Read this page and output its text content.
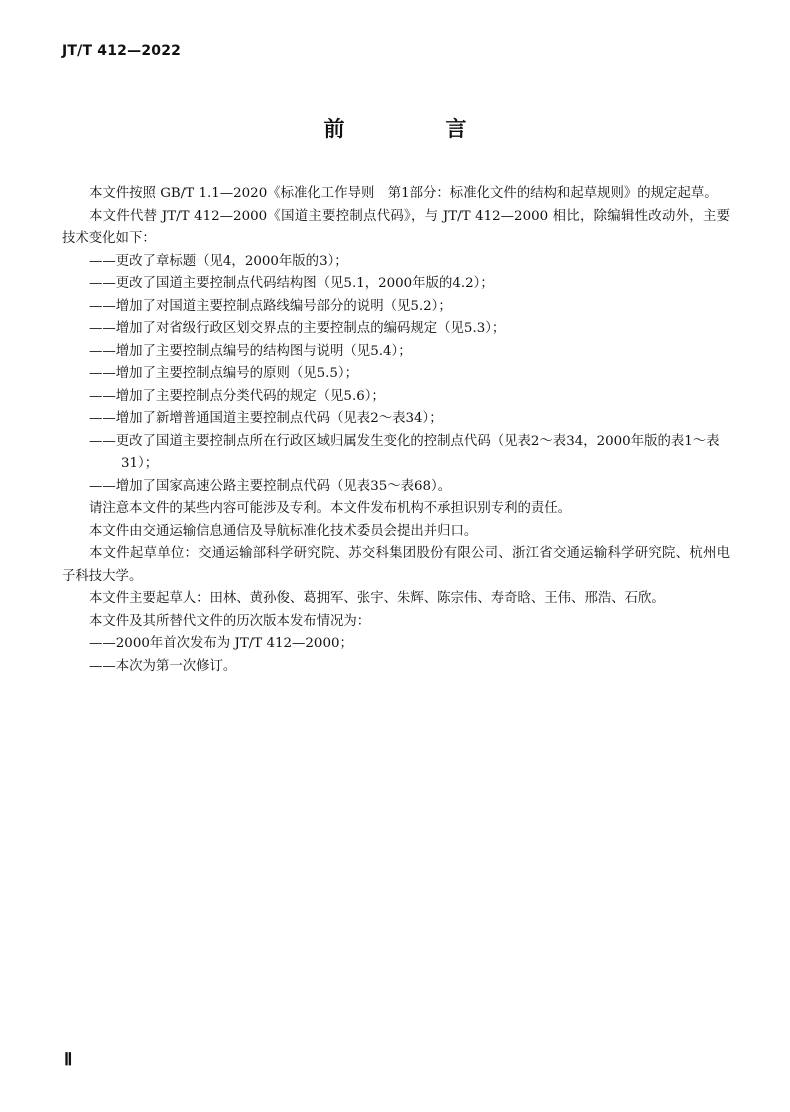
JT/T 412—2022
前　言

本文件按照 GB/T 1.1—2020《标准化工作导则　第1部分：标准化文件的结构和起草规则》的规定起草。

本文件代替 JT/T 412—2000《国道主要控制点代码》，与 JT/T 412—2000 相比，除编辑性改动外，主要技术变化如下：

——更改了章标题（见4，2000年版的3）；

——更改了国道主要控制点代码结构图（见5.1，2000年版的4.2）；

——增加了对国道主要控制点路线编号部分的说明（见5.2）；

——增加了对省级行政区划交界点的主要控制点的编码规定（见5.3）；

——增加了主要控制点编号的结构图与说明（见5.4）；

——增加了主要控制点编号的原则（见5.5）；

——增加了主要控制点分类代码的规定（见5.6）；

——增加了新增普通国道主要控制点代码（见表2～表34）；

——更改了国道主要控制点所在行政区域归属发生变化的控制点代码（见表2～表34，2000年版的表1～表31）；

——增加了国家高速公路主要控制点代码（见表35～表68）。

请注意本文件的某些内容可能涉及专利。本文件发布机构不承担识别专利的责任。

本文件由交通运输信息通信及导航标准化技术委员会提出并归口。

本文件起草单位：交通运输部科学研究院、苏交科集团股份有限公司、浙江省交通运输科学研究院、杭州电子科技大学。

本文件主要起草人：田林、黄孙俊、葛拥军、张宇、朱辉、陈宗伟、寿奇晗、王伟、邢浩、石欣。

本文件及其所替代文件的历次版本发布情况为：

——2000年首次发布为 JT/T 412—2000；

——本次为第一次修订。

Ⅱ
